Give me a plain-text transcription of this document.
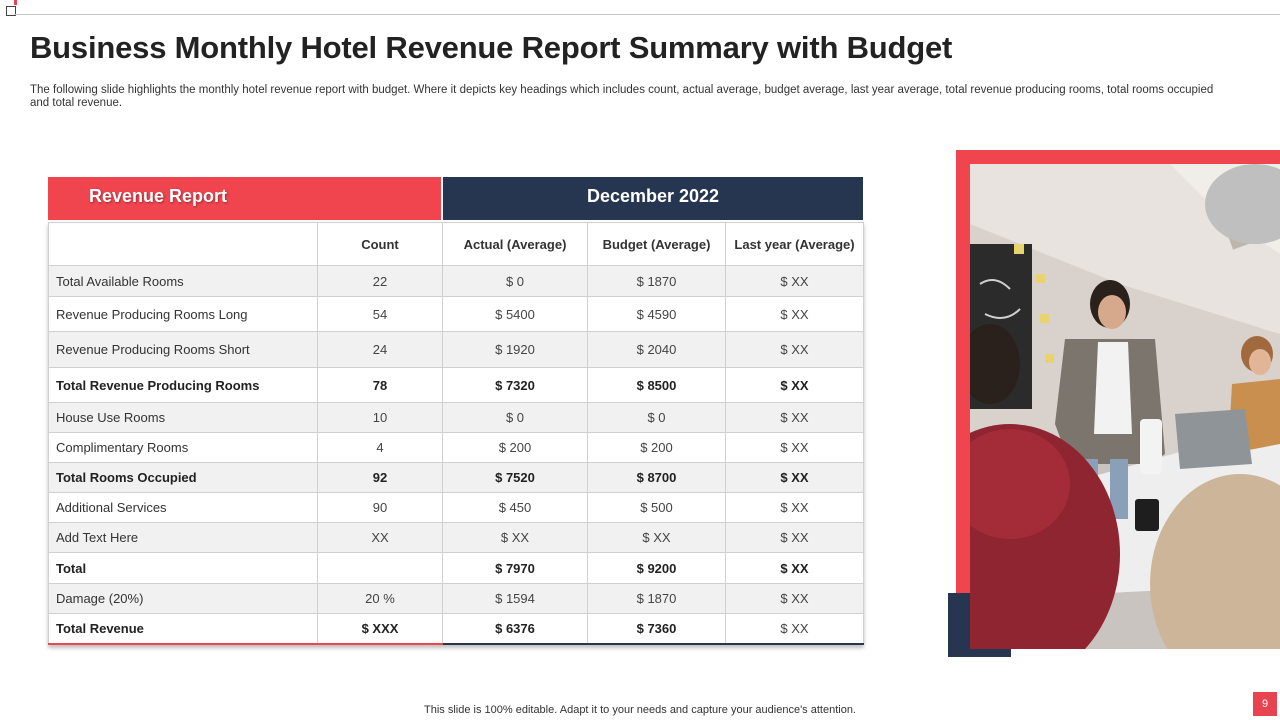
Business Monthly Hotel Revenue Report Summary with Budget
The following slide highlights the monthly hotel revenue report with budget. Where it depicts key headings which includes count, actual average, budget average, last year average, total revenue producing rooms, total rooms occupied and total revenue.
Revenue Report	December 2022
	Count	Actual (Average)	Budget (Average)	Last year (Average)
Total Available Rooms	22	$ 0	$ 1870	$ XX
Revenue Producing Rooms Long	54	$ 5400	$ 4590	$ XX
Revenue Producing Rooms Short	24	$ 1920	$ 2040	$ XX
Total Revenue Producing Rooms	78	$ 7320	$ 8500	$ XX
House Use Rooms	10	$ 0	$ 0	$ XX
Complimentary Rooms	4	$ 200	$ 200	$ XX
Total Rooms Occupied	92	$ 7520	$ 8700	$ XX
Additional Services	90	$ 450	$ 500	$ XX
Add Text Here	XX	$ XX	$ XX	$ XX
Total		$ 7970	$ 9200	$ XX
Damage (20%)	20 %	$ 1594	$ 1870	$ XX
Total Revenue	$ XXX	$ 6376	$ 7360	$ XX
This slide is 100% editable. Adapt it to your needs and capture your audience's attention.	9
